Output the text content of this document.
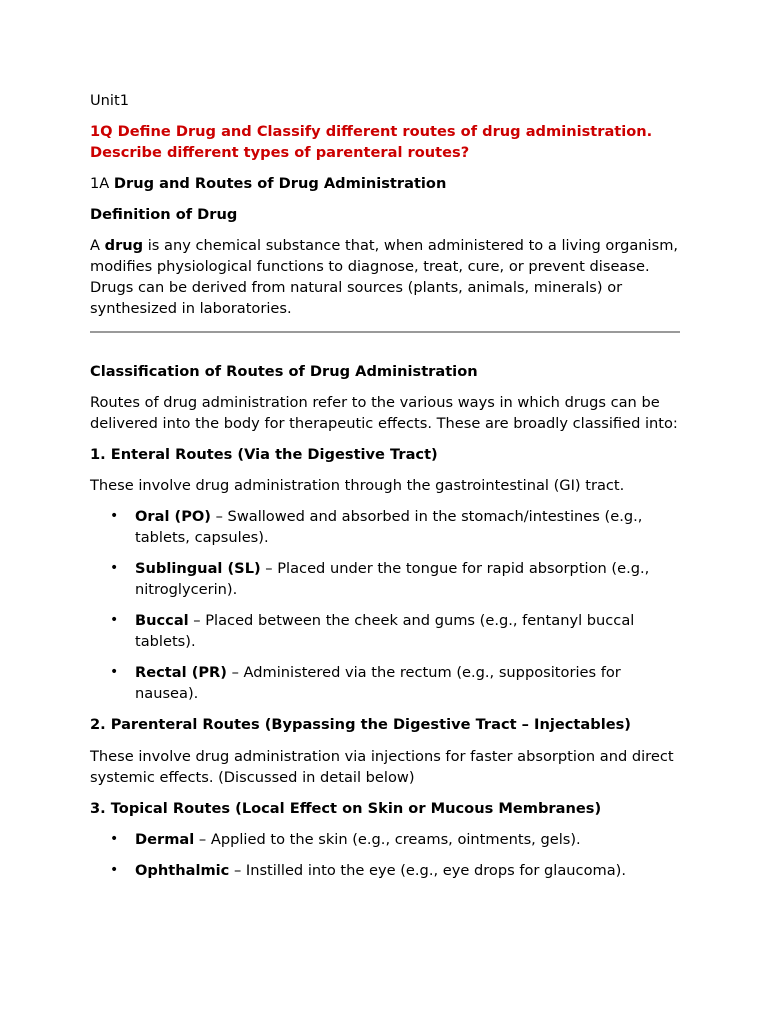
Unit1

1Q Define Drug and Classify different routes of drug administration. Describe different types of parenteral routes?

1A Drug and Routes of Drug Administration

Definition of Drug

A drug is any chemical substance that, when administered to a living organism, modifies physiological functions to diagnose, treat, cure, or prevent disease. Drugs can be derived from natural sources (plants, animals, minerals) or synthesized in laboratories.

Classification of Routes of Drug Administration

Routes of drug administration refer to the various ways in which drugs can be delivered into the body for therapeutic effects. These are broadly classified into:

1. Enteral Routes (Via the Digestive Tract)

These involve drug administration through the gastrointestinal (GI) tract.

• Oral (PO) – Swallowed and absorbed in the stomach/intestines (e.g., tablets, capsules).
• Sublingual (SL) – Placed under the tongue for rapid absorption (e.g., nitroglycerin).
• Buccal – Placed between the cheek and gums (e.g., fentanyl buccal tablets).
• Rectal (PR) – Administered via the rectum (e.g., suppositories for nausea).

2. Parenteral Routes (Bypassing the Digestive Tract – Injectables)

These involve drug administration via injections for faster absorption and direct systemic effects. (Discussed in detail below)

3. Topical Routes (Local Effect on Skin or Mucous Membranes)

• Dermal – Applied to the skin (e.g., creams, ointments, gels).
• Ophthalmic – Instilled into the eye (e.g., eye drops for glaucoma).
